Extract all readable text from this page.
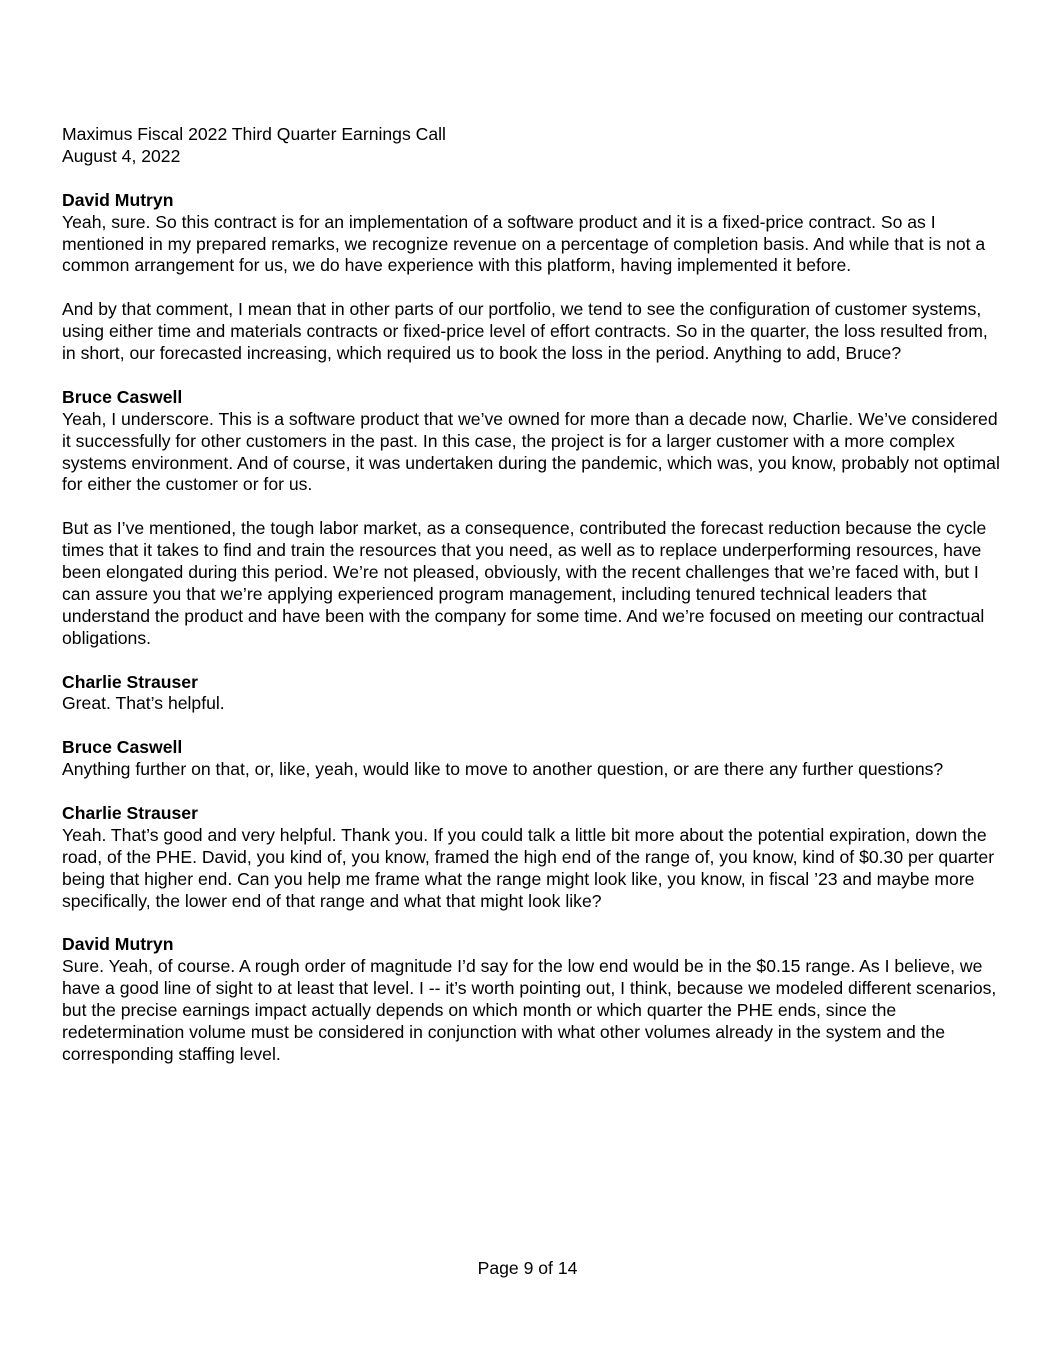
Maximus Fiscal 2022 Third Quarter Earnings Call

August 4, 2022

David Mutryn

Yeah, sure. So this contract is for an implementation of a software product and it is a fixed-price contract. So as I mentioned in my prepared remarks, we recognize revenue on a percentage of completion basis. And while that is not a common arrangement for us, we do have experience with this platform, having implemented it before.

And by that comment, I mean that in other parts of our portfolio, we tend to see the configuration of customer systems, using either time and materials contracts or fixed-price level of effort contracts. So in the quarter, the loss resulted from, in short, our forecasted increasing, which required us to book the loss in the period. Anything to add, Bruce?

Bruce Caswell

Yeah, I underscore. This is a software product that we’ve owned for more than a decade now, Charlie. We’ve considered it successfully for other customers in the past. In this case, the project is for a larger customer with a more complex systems environment. And of course, it was undertaken during the pandemic, which was, you know, probably not optimal for either the customer or for us.

But as I’ve mentioned, the tough labor market, as a consequence, contributed the forecast reduction because the cycle times that it takes to find and train the resources that you need, as well as to replace underperforming resources, have been elongated during this period. We’re not pleased, obviously, with the recent challenges that we’re faced with, but I can assure you that we’re applying experienced program management, including tenured technical leaders that understand the product and have been with the company for some time. And we’re focused on meeting our contractual obligations.

Charlie Strauser

Great. That’s helpful.

Bruce Caswell

Anything further on that, or, like, yeah, would like to move to another question, or are there any further questions?

Charlie Strauser

Yeah. That’s good and very helpful. Thank you. If you could talk a little bit more about the potential expiration, down the road, of the PHE. David, you kind of, you know, framed the high end of the range of, you know, kind of $0.30 per quarter being that higher end. Can you help me frame what the range might look like, you know, in fiscal ’23 and maybe more specifically, the lower end of that range and what that might look like?

David Mutryn

Sure. Yeah, of course. A rough order of magnitude I’d say for the low end would be in the $0.15 range. As I believe, we have a good line of sight to at least that level. I -- it’s worth pointing out, I think, because we modeled different scenarios, but the precise earnings impact actually depends on which month or which quarter the PHE ends, since the redetermination volume must be considered in conjunction with what other volumes already in the system and the corresponding staffing level.

Page 9 of 14
